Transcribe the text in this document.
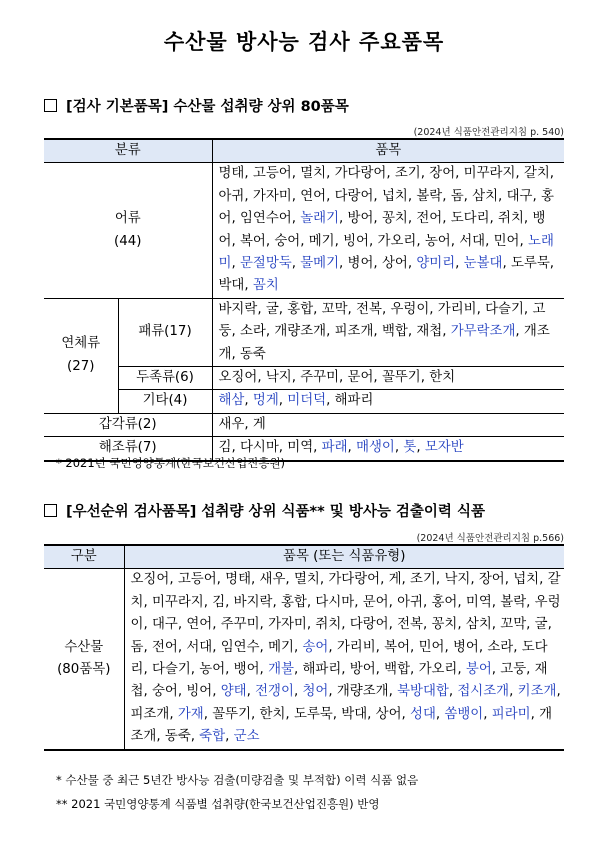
수산물 방사능 검사 주요품목
[검사 기본품목] 수산물 섭취량 상위 80품목
(2024년 식품안전관리지침 p. 540)
분류		품목

어류
(44)		명태, 고등어, 멸치, 가다랑어, 조기, 장어, 미꾸라지, 갈치, 아귀, 가자미, 연어, 다랑어, 넙치, 볼락, 돔, 삼치, 대구, 홍어, 임연수어, 놀래기, 방어, 꽁치, 전어, 도다리, 쥐치, 뱅어, 복어, 숭어, 메기, 빙어, 가오리, 농어, 서대, 민어, 노래미, 문절망둑, 물메기, 병어, 상어, 양미리, 눈볼대, 도루묵, 박대, 꼼치

연체류
(27)	패류(17)	바지락, 굴, 홍합, 꼬막, 전복, 우렁이, 가리비, 다슬기, 고둥, 소라, 개량조개, 피조개, 백합, 재첩, 가무락조개, 개조개, 동죽
	두족류(6)	오징어, 낙지, 주꾸미, 문어, 꼴뚜기, 한치
	기타(4)	해삼, 멍게, 미더덕, 해파리
갑각류(2)		새우, 게
해조류(7)		김, 다시마, 미역, 파래, 매생이, 톳, 모자반
* 2021년 국민영양통계(한국보건산업진흥원)
[우선순위 검사품목] 섭취량 상위 식품** 및 방사능 검출이력 식품
(2024년 식품안전관리지침 p.566)
구분	품목 (또는 식품유형)

수산물
(80품목)	오징어, 고등어, 명태, 새우, 멸치, 가다랑어, 게, 조기, 낙지, 장어, 넙치, 갈치, 미꾸라지, 김, 바지락, 홍합, 다시마, 문어, 아귀, 홍어, 미역, 볼락, 우렁이, 대구, 연어, 주꾸미, 가자미, 쥐치, 다랑어, 전복, 꽁치, 삼치, 꼬막, 굴, 돔, 전어, 서대, 임연수, 메기, 송어, 가리비, 복어, 민어, 병어, 소라, 도다리, 다슬기, 농어, 뱅어, 개불, 해파리, 방어, 백합, 가오리, 붕어, 고둥, 재첩, 숭어, 빙어, 양태, 전갱이, 청어, 개량조개, 북방대합, 접시조개, 키조개, 피조개, 가재, 꼴뚜기, 한치, 도루묵, 박대, 상어, 성대, 쏨뱅이, 피라미, 개조개, 동죽, 죽합, 군소
* 수산물 중 최근 5년간 방사능 검출(미량검출 및 부적합) 이력 식품 없음
** 2021 국민영양통계 식품별 섭취량(한국보건산업진흥원) 반영
